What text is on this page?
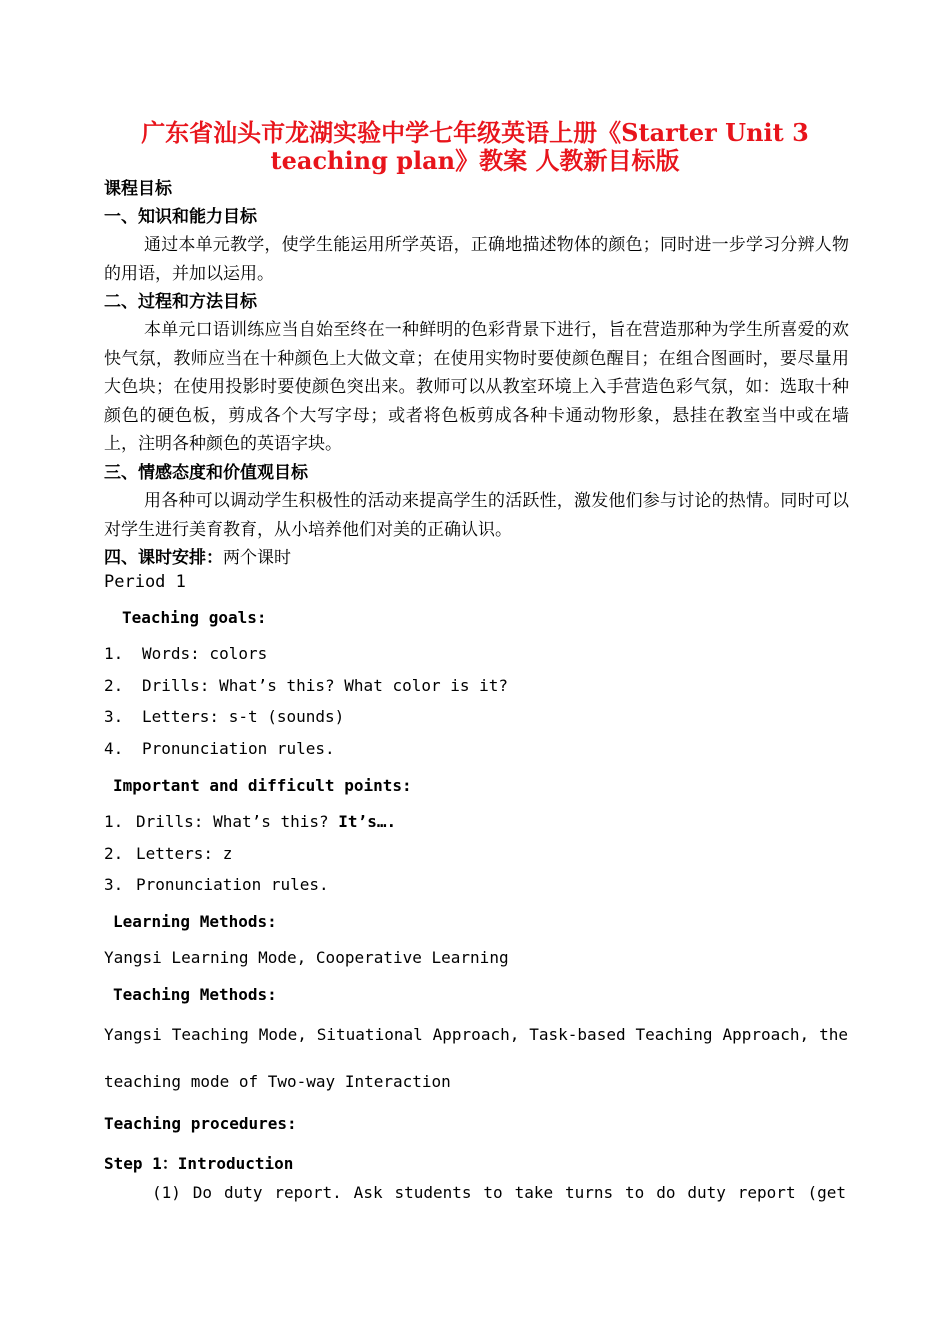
广东省汕头市龙湖实验中学七年级英语上册《Starter Unit 3
teaching plan》教案 人教新目标版
课程目标
一、知识和能力目标
通过本单元教学，使学生能运用所学英语，正确地描述物体的颜色；同时进一步学习分辨人物的用语，并加以运用。
二、过程和方法目标
本单元口语训练应当自始至终在一种鲜明的色彩背景下进行，旨在营造那种为学生所喜爱的欢快气氛，教师应当在十种颜色上大做文章；在使用实物时要使颜色醒目；在组合图画时，要尽量用大色块；在使用投影时要使颜色突出来。教师可以从教室环境上入手营造色彩气氛，如：选取十种颜色的硬色板，剪成各个大写字母；或者将色板剪成各种卡通动物形象，悬挂在教室当中或在墙上，注明各种颜色的英语字块。
三、情感态度和价值观目标
用各种可以调动学生积极性的活动来提高学生的活跃性，激发他们参与讨论的热情。同时可以对学生进行美育教育，从小培养他们对美的正确认识。
四、课时安排：两个课时
Period 1
Teaching goals:
1. Words: colors
2. Drills: What’s this? What color is it?
3. Letters: s-t (sounds)
4. Pronunciation rules.
Important and difficult points:
1. Drills: What’s this? It’s….
2. Letters: z
3. Pronunciation rules.
Learning Methods:
Yangsi Learning Mode, Cooperative Learning
Teaching Methods:
Yangsi Teaching Mode, Situational Approach, Task-based Teaching Approach, the
teaching mode of Two-way Interaction
Teaching procedures:
Step 1：Introduction
(1) Do duty report. Ask students to take turns to do duty report (get
